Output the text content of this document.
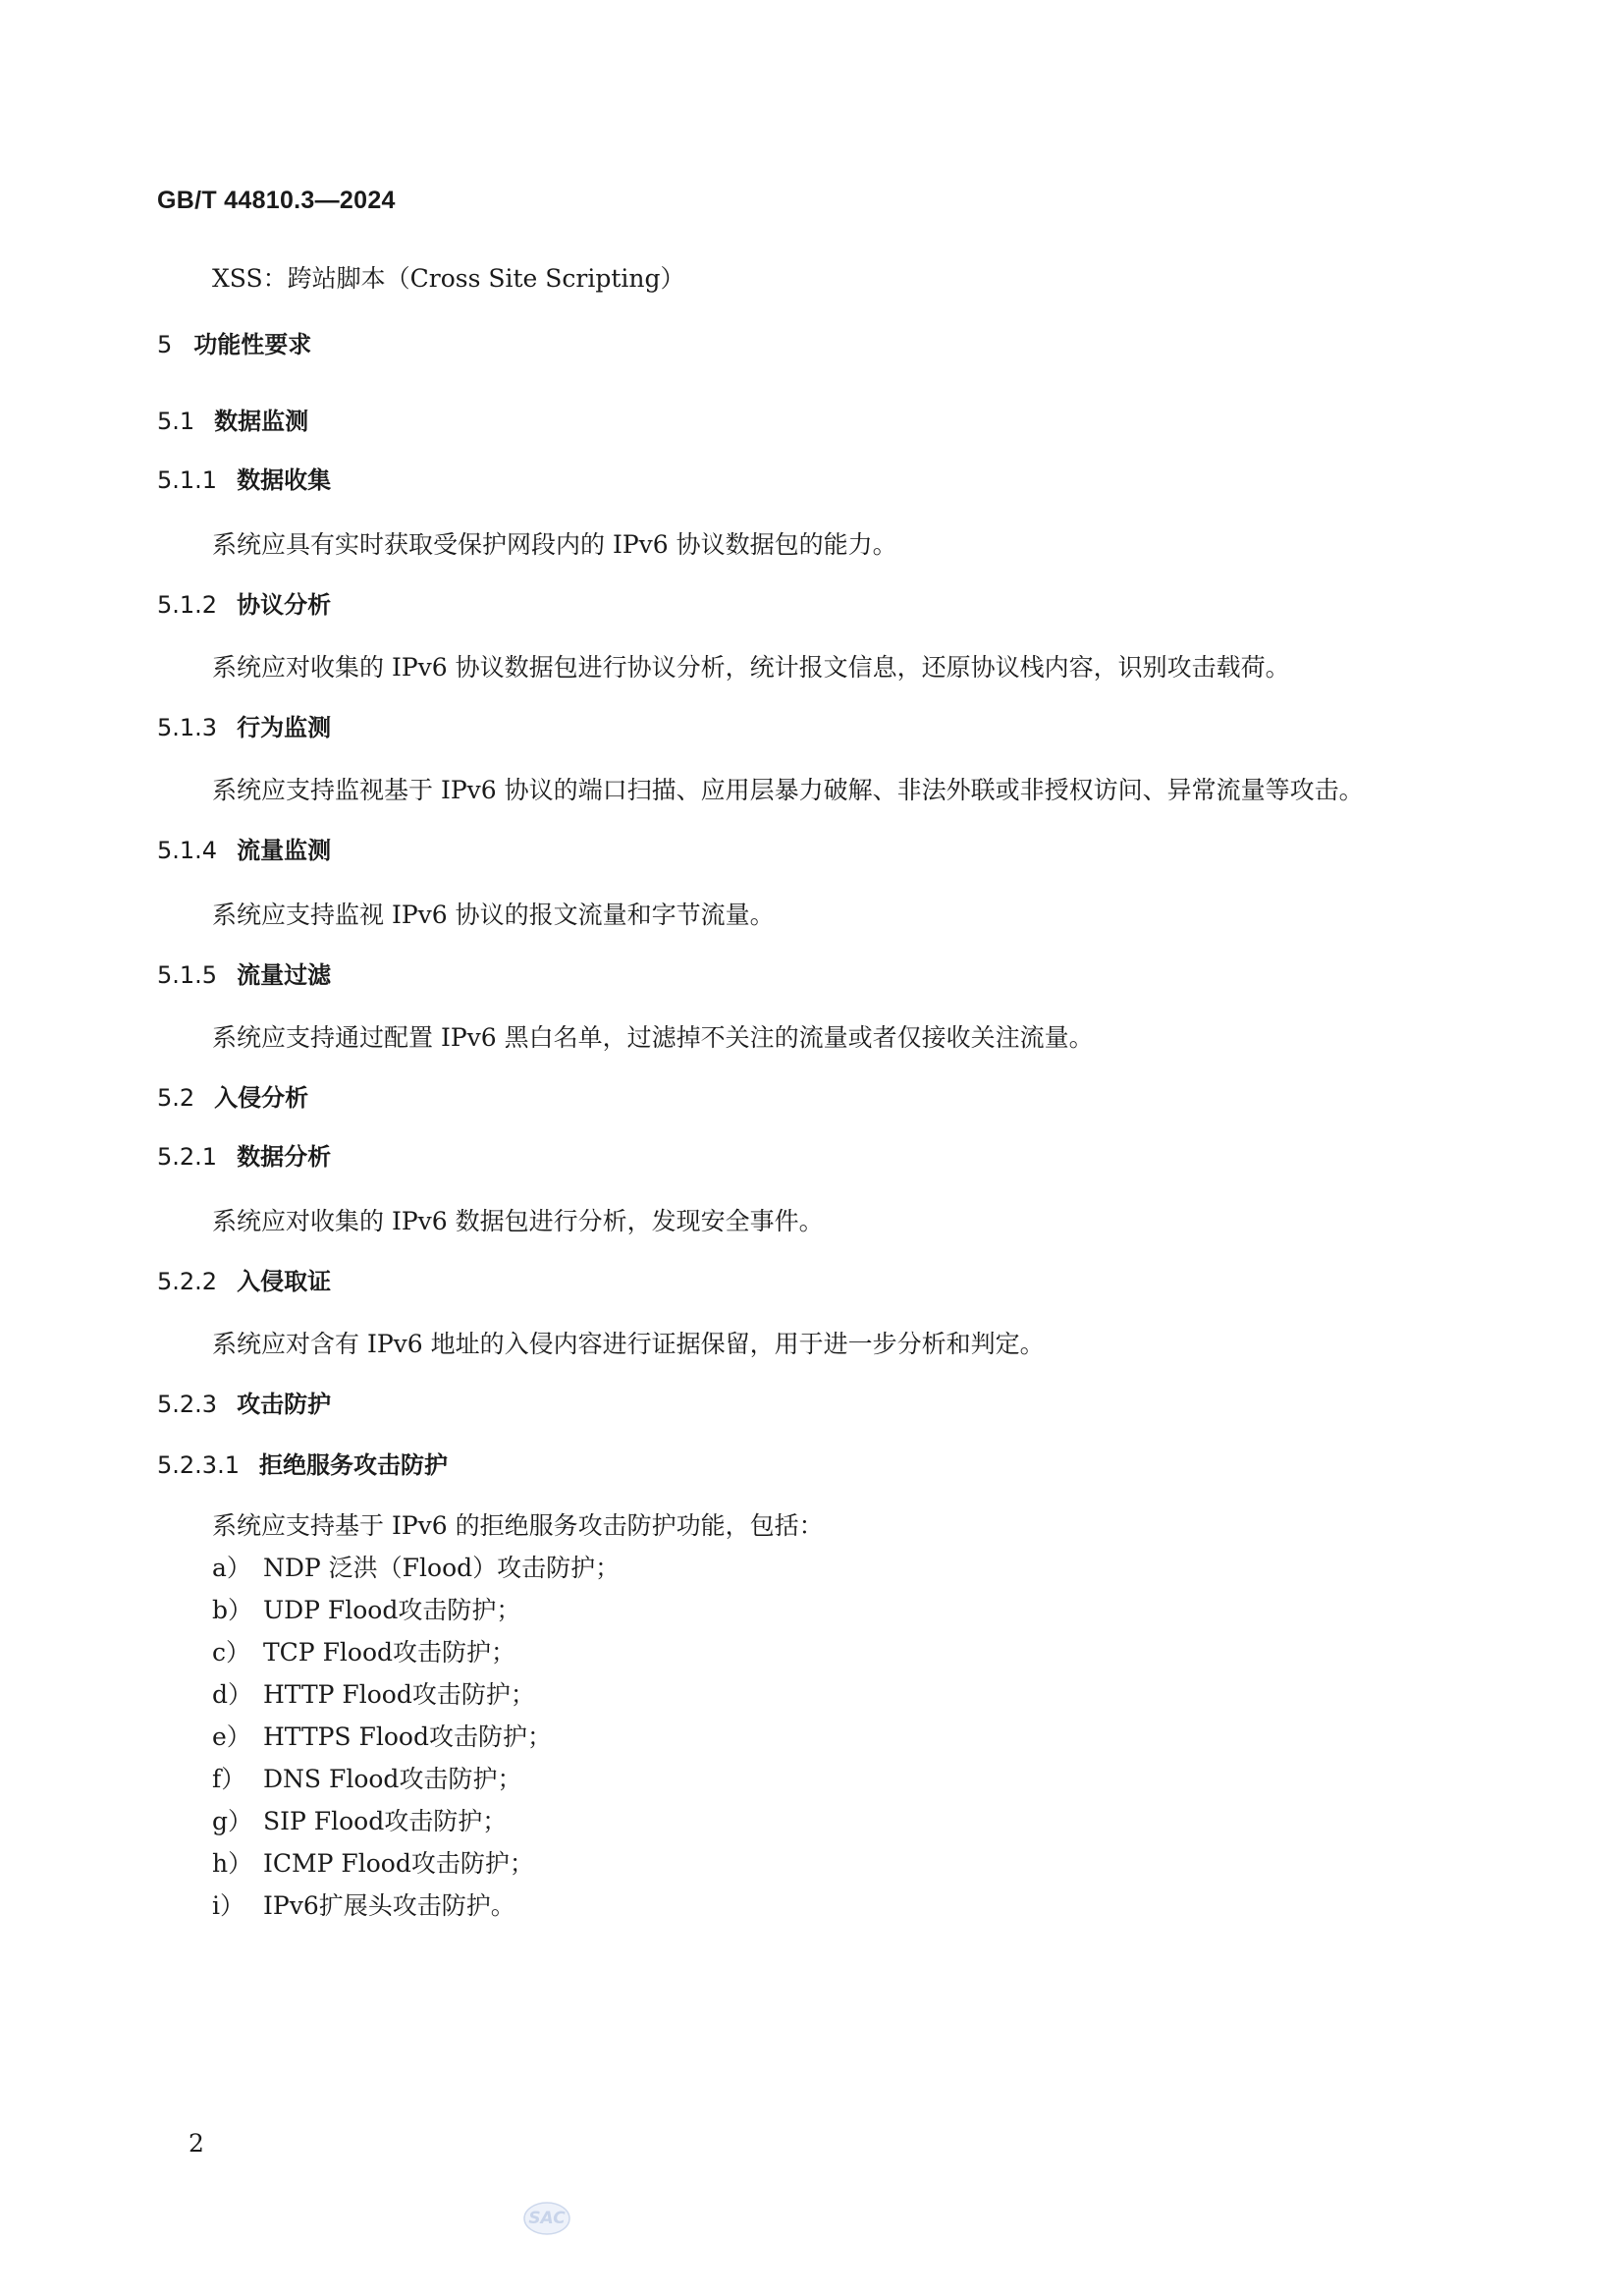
GB/T 44810.3—2024

XSS：跨站脚本（Cross Site Scripting）

5 功能性要求
5.1 数据监测
5.1.1 数据收集

系统应具有实时获取受保护网段内的 IPv6 协议数据包的能力。

5.1.2 协议分析

系统应对收集的 IPv6 协议数据包进行协议分析，统计报文信息，还原协议栈内容，识别攻击载荷。

5.1.3 行为监测

系统应支持监视基于 IPv6 协议的端口扫描、应用层暴力破解、非法外联或非授权访问、异常流量等攻击。

5.1.4 流量监测

系统应支持监视 IPv6 协议的报文流量和字节流量。

5.1.5 流量过滤

系统应支持通过配置 IPv6 黑白名单，过滤掉不关注的流量或者仅接收关注流量。

5.2 入侵分析
5.2.1 数据分析

系统应对收集的 IPv6 数据包进行分析，发现安全事件。

5.2.2 入侵取证

系统应对含有 IPv6 地址的入侵内容进行证据保留，用于进一步分析和判定。

5.2.3 攻击防护
5.2.3.1 拒绝服务攻击防护

系统应支持基于 IPv6 的拒绝服务攻击防护功能，包括：

a） NDP 泛洪（Flood）攻击防护；
b） UDP Flood攻击防护；
c） TCP Flood攻击防护；
d） HTTP Flood攻击防护；
e） HTTPS Flood攻击防护；
f） DNS Flood攻击防护；
g） SIP Flood攻击防护；
h） ICMP Flood攻击防护；
i） IPv6扩展头攻击防护。
2
SAC
